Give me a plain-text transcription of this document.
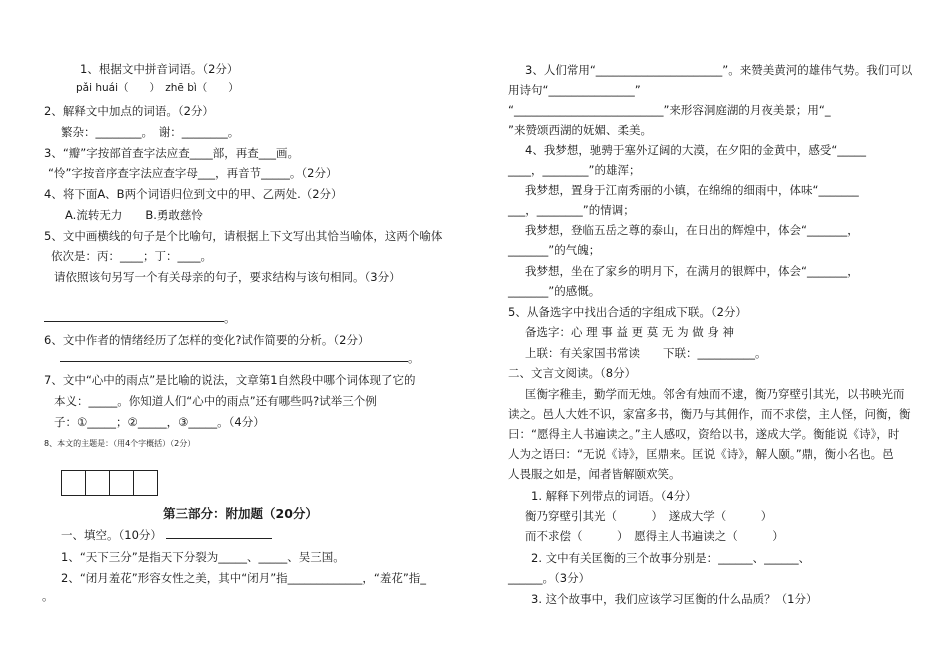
1、根据文中拼音词语。（2分）
pǎi huái（　　）　zhē bì（　　）
2、解释文中加点的词语。（2分）
繁杂：________。　谢：________。
3、“瓣”字按部首查字法应查____部，再查___画。
“怜”字按音序查字法应查字母___，再音节_____。（2分）
4、将下面A、B两个词语归位到文中的甲、乙两处.（2分）
A.流转无力　　B.勇敢慈怜
5、文中画横线的句子是个比喻句，请根据上下文写出其恰当喻体，这两个喻体
依次是：丙：____；丁：____。
请依照该句另写一个有关母亲的句子，要求结构与该句相同。（3分）
。
6、文中作者的情绪经历了怎样的变化?试作简要的分析。（2分）
。
7、文中“心中的雨点”是比喻的说法，文章第1自然段中哪个词体现了它的
本义：_____。你知道人们“心中的雨点”还有哪些吗?试举三个例
子：①_____；②_____，③_____。（4分）
8、本文的主题是：（用4个字概括）（2分）
第三部分：附加题（20分）
一、填空。（10分）
1、“天下三分”是指天下分裂为_____、_____、吴三国。
2、“闭月羞花”形容女性之美，其中“闭月”指_____________，“羞花”指_
。
3、人们常用“______________________”。来赞美黄河的雄伟气势。我们可以
用诗句“_______________”
“__________________________”来形容洞庭湖的月夜美景；用“_
”来赞颂西湖的妩媚、柔美。
4、我梦想，驰骋于塞外辽阔的大漠，在夕阳的金黄中，感受“_____
____，________”的雄浑；
我梦想，置身于江南秀丽的小镇，在绵绵的细雨中，体味“_______
___，________”的情调；
我梦想，登临五岳之尊的泰山，在日出的辉煌中，体会“_______，
_______”的气魄；
我梦想，坐在了家乡的明月下，在满月的银辉中，体会“_______，
_______”的感慨。
5、从备选字中找出合适的字组成下联。（2分）
备选字：心 理 事 益 更 莫 无 为 做 身 神
上联：有关家国书常读　　下联：__________。
二、文言文阅读。（8分）
匡衡字稚圭，勤学而无烛。邻舍有烛而不逮，衡乃穿壁引其光，以书映光而
读之。邑人大姓不识，家富多书，衡乃与其佣作，而不求偿，主人怪，问衡，衡
曰：“愿得主人书遍读之。”主人感叹，资给以书，遂成大学。衡能说《诗》，时
人为之语曰：“无说《诗》，匡鼎来。匡说《诗》，解人颐。”鼎，衡小名也。邑
人畏服之如是，闻者皆解颐欢笑。
1. 解释下列带点的词语。（4分）
衡乃穿壁引其光（　　　）　遂成大学（　　　）
而不求偿（　　　）　愿得主人书遍读之（　　　）
2. 文中有关匡衡的三个故事分别是：______、______、
______。（3分）
3. 这个故事中，我们应该学习匡衡的什么品质？（1分）
